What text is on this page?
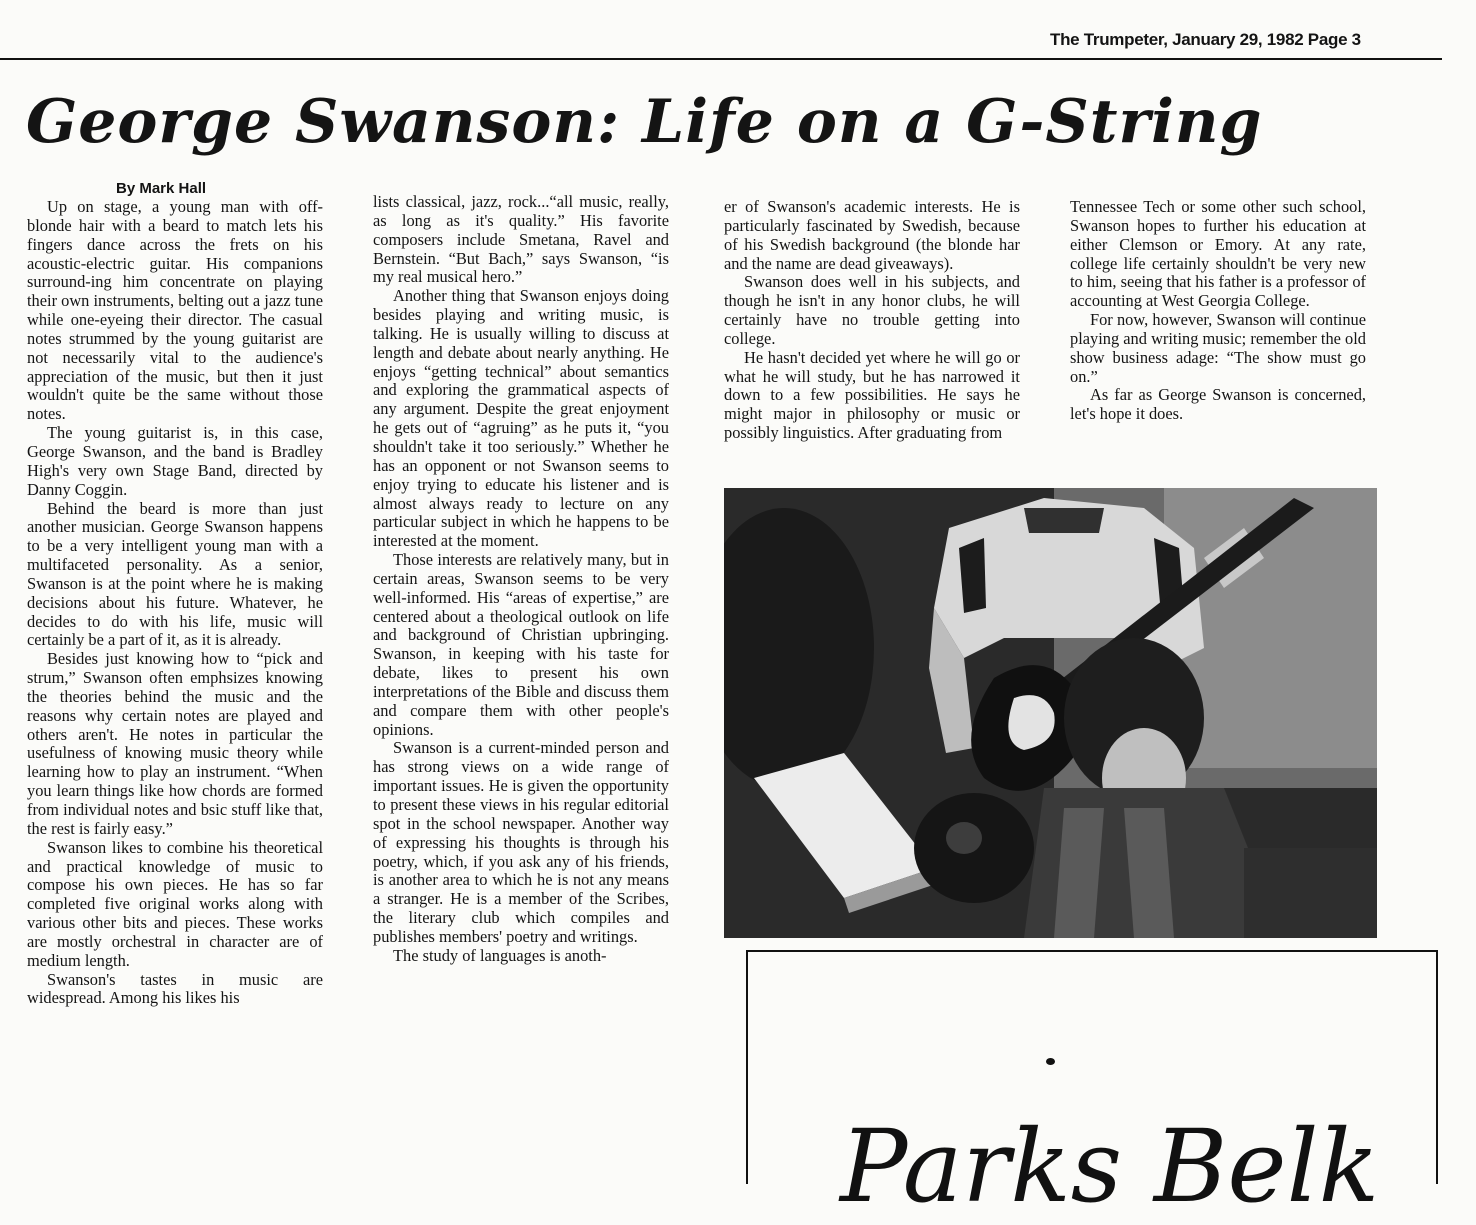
The Trumpeter, January 29, 1982 Page 3
George Swanson: Life on a G-String
By Mark Hall

Up on stage, a young man with off-blonde hair with a beard to match lets his fingers dance across the frets on his acoustic-electric guitar. His companions surround-ing him concentrate on playing their own instruments, belting out a jazz tune while one-eyeing their director. The casual notes strummed by the young guitarist are not necessarily vital to the audience's appreciation of the music, but then it just wouldn't quite be the same without those notes.

The young guitarist is, in this case, George Swanson, and the band is Bradley High's very own Stage Band, directed by Danny Coggin.

Behind the beard is more than just another musician. George Swanson happens to be a very intelligent young man with a multifaceted personality. As a senior, Swanson is at the point where he is making decisions about his future. Whatever, he decides to do with his life, music will certainly be a part of it, as it is already.

Besides just knowing how to “pick and strum,” Swanson often emphsizes knowing the theories behind the music and the reasons why certain notes are played and others aren't. He notes in particular the usefulness of knowing music theory while learning how to play an instrument. “When you learn things like how chords are formed from individual notes and bsic stuff like that, the rest is fairly easy.”

Swanson likes to combine his theoretical and practical knowledge of music to compose his own pieces. He has so far completed five original works along with various other bits and pieces. These works are mostly orchestral in character are of medium length.

Swanson's tastes in music are widespread. Among his likes his

lists classical, jazz, rock...“all music, really, as long as it's quality.” His favorite composers include Smetana, Ravel and Bernstein. “But Bach,” says Swanson, “is my real musical hero.”

Another thing that Swanson enjoys doing besides playing and writing music, is talking. He is usually willing to discuss at length and debate about nearly anything. He enjoys “getting technical” about semantics and exploring the grammatical aspects of any argument. Despite the great enjoyment he gets out of “agruing” as he puts it, “you shouldn't take it too seriously.” Whether he has an opponent or not Swanson seems to enjoy trying to educate his listener and is almost always ready to lecture on any particular subject in which he happens to be interested at the moment.

Those interests are relatively many, but in certain areas, Swanson seems to be very well-informed. His “areas of expertise,” are centered about a theological outlook on life and background of Christian upbringing. Swanson, in keeping with his taste for debate, likes to present his own interpretations of the Bible and discuss them and compare them with other people's opinions.

Swanson is a current-minded person and has strong views on a wide range of important issues. He is given the opportunity to present these views in his regular editorial spot in the school newspaper. Another way of expressing his thoughts is through his poetry, which, if you ask any of his friends, is another area to which he is not any means a stranger. He is a member of the Scribes, the literary club which compiles and publishes members' poetry and writings.

The study of languages is anoth-

er of Swanson's academic interests. He is particularly fascinated by Swedish, because of his Swedish background (the blonde har and the name are dead giveaways).

Swanson does well in his subjects, and though he isn't in any honor clubs, he will certainly have no trouble getting into college.

He hasn't decided yet where he will go or what he will study, but he has narrowed it down to a few possibilities. He says he might major in philosophy or music or possibly linguistics. After graduating from

Tennessee Tech or some other such school, Swanson hopes to further his education at either Clemson or Emory. At any rate, college life certainly shouldn't be very new to him, seeing that his father is a professor of accounting at West Georgia College.

For now, however, Swanson will continue playing and writing music; remember the old show business adage: “The show must go on.”

As far as George Swanson is concerned, let's hope it does.

Parks Belk
